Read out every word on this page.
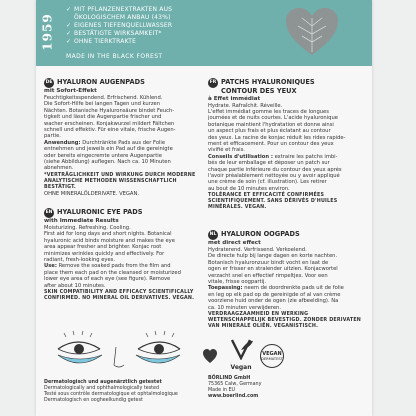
1959
✓ MIT PFLANZENEXTRAKTEN AUS
ÖKOLOGISCHEM ANBAU (43%)
✓ EIGENES TIEFENQUELLWASSER
✓ BESTÄTIGTE WIRKSAMKEIT*
✓ OHNE TIERKTRAKTE
MADE IN THE BLACK FOREST
DE HYALURON AUGENPADS
mit Sofort-Effekt

Feuchtigkeitsspendend. Erfrischend. Kühlend.
Die Sofort-Hilfe bei langen Tagen und kurzen
Nächten. Botanische Hyaluronsäure bindet Feuch-
tigkeit und lässt die Augenpartie frischer und
wacher erscheinen. Konjakwurzel mildert Fältchen
schnell und effektiv. Für eine vitale, frische Augen-
partie.

Anwendung: Durchtränkte Pads aus der Folie
entnehmen und jeweils ein Pad auf die gereinigte
oder bereits eingecremte untere Augenpartie
(siehe Abbildung) auflegen. Nach ca. 10 Minuten
abnehmen.

*VERTRÄGLICHKEIT UND WIRKUNG DURCH MODERNE ANALYTISCHE METHODEN WISSENSCHAFTLICH BESTÄTIGT.

OHNE MINERALÖLDERIVATE. VEGAN.

EN HYALURONIC EYE PADS
with Immediate Results

Moisturizing. Refreshing. Cooling.
First aid for long days and short nights. Botanical
hyaluronic acid binds moisture and makes the eye
area appear fresher and brighter. Konjac root
minimizes wrinkles quickly and effectively. For
radiant, fresh-looking eyes.

Use: Remove the soaked pads from the film and
place them each pad on the cleansed or moisturized
lower eye area of each eye (see figure). Remove
after about 10 minutes.

SKIN COMPATIBILITY AND EFFICACY SCIENTIFICALLY CONFIRMED. NO MINERAL OIL DERIVATIVES. VEGAN.

FR PATCHS HYALURONIQUES
CONTOUR DES YEUX
à Effet immédiat

Hydrate. Rafraîchit. Réveille.
L'effet immédiat gomme les traces de longues
journées et de nuits courtes. L'acide hyaluronique
botanique maintient l'hydratation et donne ainsi
un aspect plus frais et plus éclatant au contour
des yeux. La racine de konjac réduit les rides rapide-
ment et efficacement. Pour un contour des yeux
vivifié et frais.

Conseils d'utilisation : extraire les patchs imbi-
bés de leur emballage et déposer un patch sur
chaque partie inférieure du contour des yeux après
l'avoir préalablement nettoyée ou y avoir appliqué
une crème de soin (cf. illustration). Les retirer
au bout de 10 minutes environ.

TOLÉRANCE ET EFFICACITÉ CONFIRMÉES SCIENTIFIQUEMENT. SANS DÉRIVÉS D'HUILES MINÉRALES. VEGAN.

NL HYALURON OOGPADS
met direct effect

Hydraterend. Verfrissend. Verkoelend.
De directe hulp bij lange dagen en korte nachten.
Botanisch hyaluronzuur bindt vocht en laat de
ogen er frisser en stralender uitzien. Konjacwortel
verzacht snel en effectief rimpeltjes. Voor een
vitale, frisse oogpartij.

Toepassing: neem de doordrenkte pads uit de folie
en leg op elk pad op de gereinigde of al van crème
voorziene huid onder de ogen (zie afbeelding). Na
ca. 10 minuten verwijderen.

VERDRAAGZAAMHEID EN WERKING WETENSCHAPPELIJK BEVESTIGD. ZONDER DERIVATEN VAN MINERALE OLIËN. VEGANISTISCH.

Dermatologisch und augenärztlich getestet
Dermatologically and ophthalmologically tested
Testé sous contrôle dermatologique et ophtalmologique
Dermatologisch en oogheelkundig getest
Vegan
VEGAN
DERMATEST
BÖRLIND GmbH
75365 Calw, Germany
Made in EU
www.boerlind.com
